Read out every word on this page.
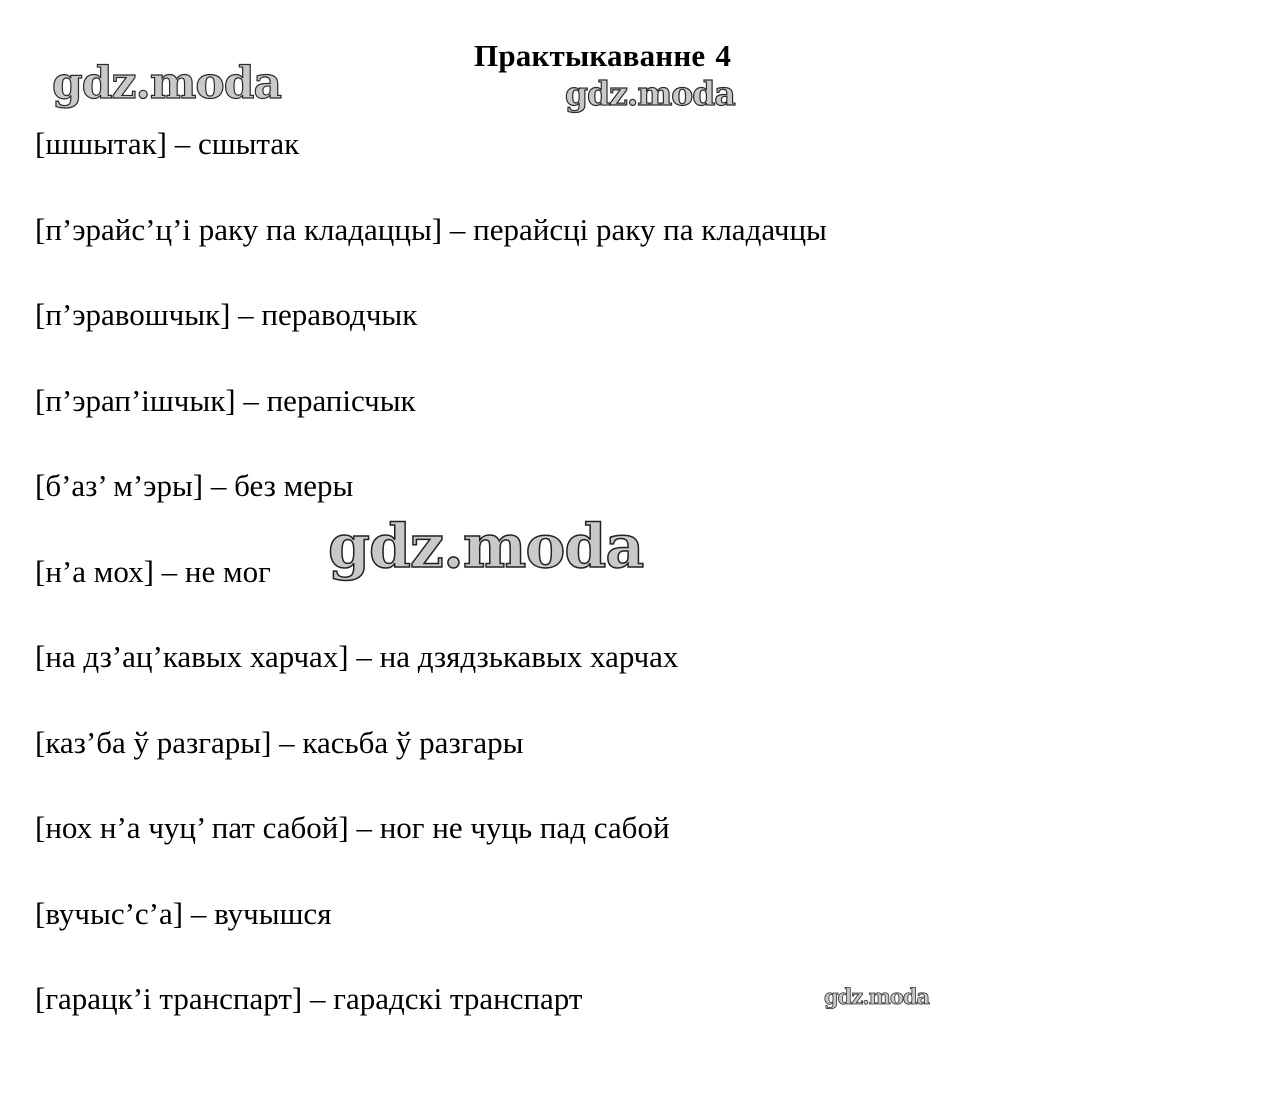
Практыкаванне 4
gdz.moda	gdz.moda
[шшытак] – сшытак
[п’эрайс’ц’і раку па кладаццы] – перайсці раку па кладачцы
[п’эравошчык] – пераводчык
[п’эрап’ішчык] – перапісчык
[б’аз’ м’эры] – без меры
[н’а мох] – не мог
[на дз’ац’кавых харчах] – на дзядзькавых харчах
[каз’ба ў разгары] – касьба ў разгары
[нох н’а чуц’ пат сабой] – ног не чуць пад сабой
[вучыс’с’а] – вучышся
[гарацк’і транспарт] – гарадскі транспарт
gdz.moda
gdz.moda
